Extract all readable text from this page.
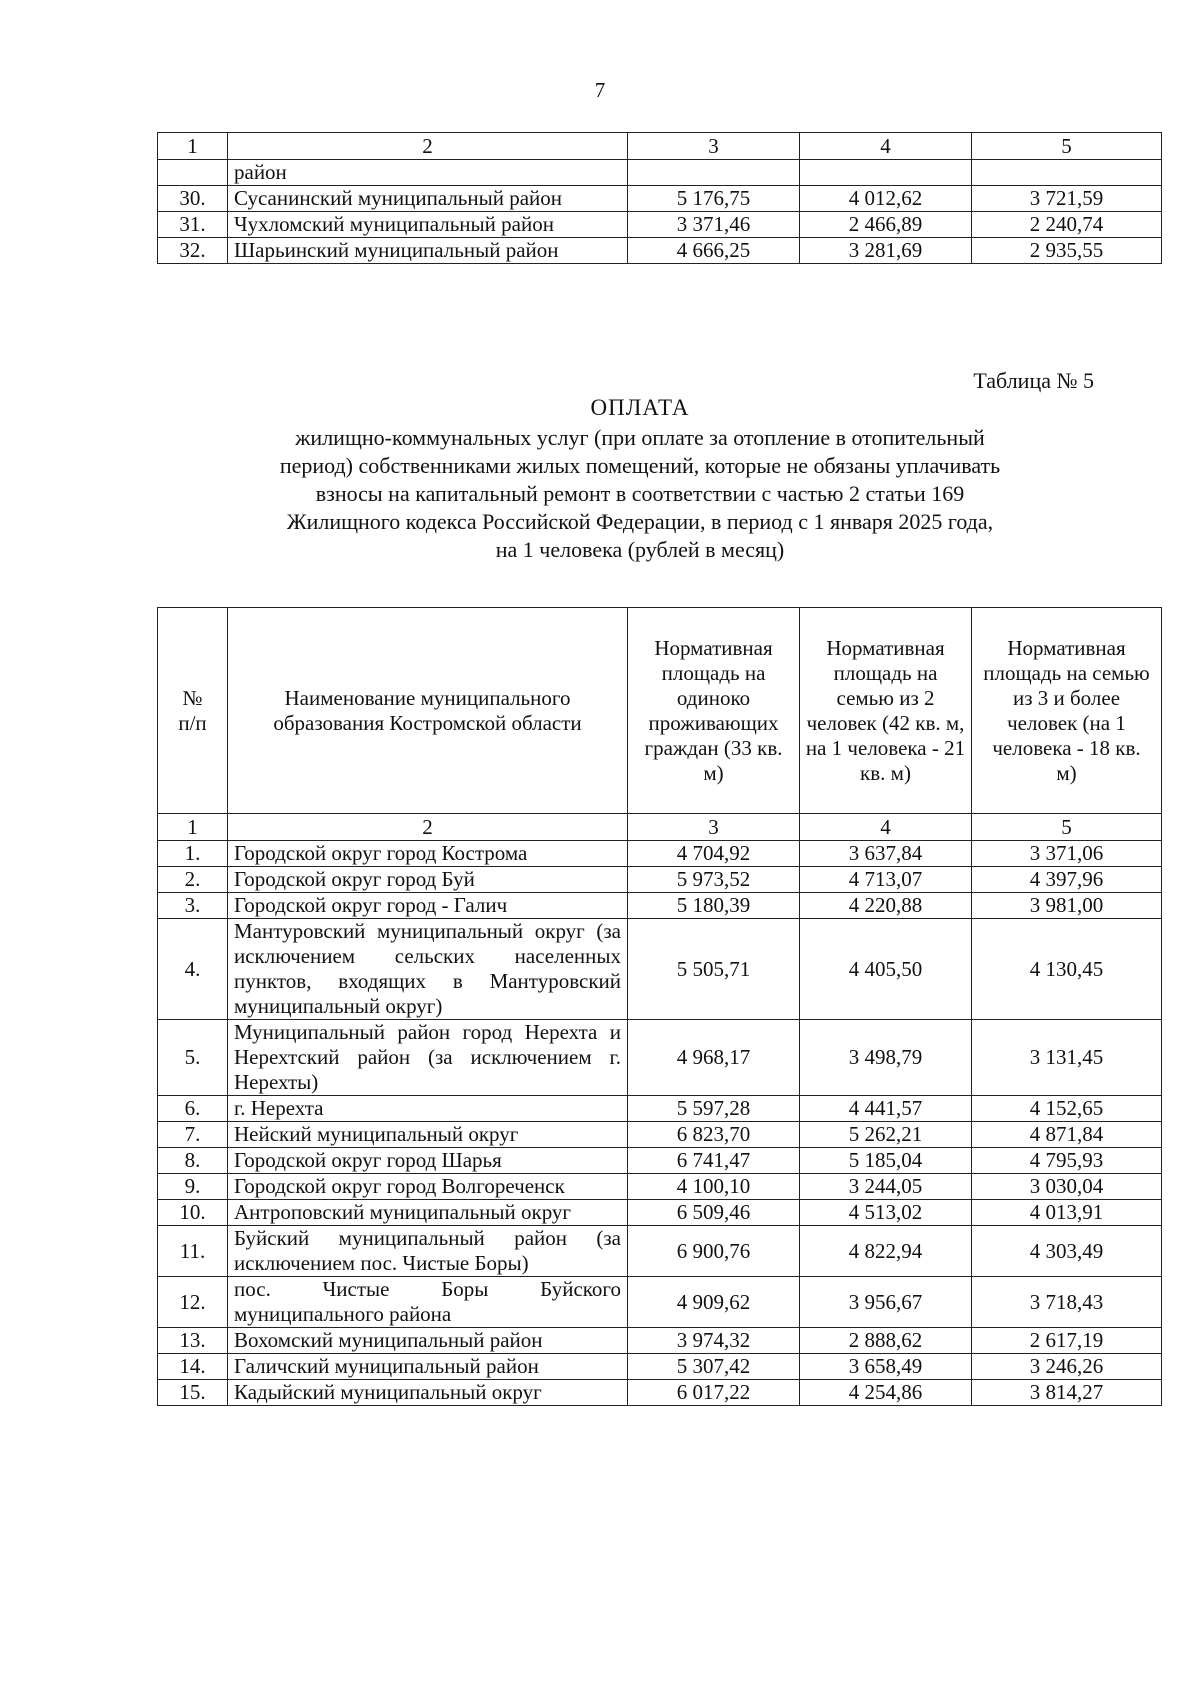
7
1	2	3	4	5
	район			
30.	Сусанинский муниципальный район	5 176,75	4 012,62	3 721,59
31.	Чухломский муниципальный район	3 371,46	2 466,89	2 240,74
32.	Шарьинский муниципальный район	4 666,25	3 281,69	2 935,55
Таблица № 5
ОПЛАТА
жилищно-коммунальных услуг (при оплате за отопление в отопительный
период) собственниками жилых помещений, которые не обязаны уплачивать
взносы на капитальный ремонт в соответствии с частью 2 статьи 169
Жилищного кодекса Российской Федерации, в период с 1 января 2025 года,
на 1 человека (рублей в месяц)
№ п/п	Наименование муниципального образования Костромской области	Нормативная площадь на одиноко проживающих граждан (33 кв. м)	Нормативная площадь на семью из 2 человек (42 кв. м, на 1 человека - 21 кв. м)	Нормативная площадь на семью из 3 и более человек (на 1 человека - 18 кв. м)
1	2	3	4	5
1.	Городской округ город Кострома	4 704,92	3 637,84	3 371,06
2.	Городской округ город Буй	5 973,52	4 713,07	4 397,96
3.	Городской округ город - Галич	5 180,39	4 220,88	3 981,00
4.	Мантуровский муниципальный округ (за исключением сельских населенных пунктов, входящих в Мантуровский муниципальный округ)	5 505,71	4 405,50	4 130,45
5.	Муниципальный район город Нерехта и Нерехтский район (за исключением г. Нерехты)	4 968,17	3 498,79	3 131,45
6.	г. Нерехта	5 597,28	4 441,57	4 152,65
7.	Нейский муниципальный округ	6 823,70	5 262,21	4 871,84
8.	Городской округ город Шарья	6 741,47	5 185,04	4 795,93
9.	Городской округ город Волгореченск	4 100,10	3 244,05	3 030,04
10.	Антроповский муниципальный округ	6 509,46	4 513,02	4 013,91
11.	Буйский муниципальный район (за исключением пос. Чистые Боры)	6 900,76	4 822,94	4 303,49
12.	пос. Чистые Боры Буйского муниципального района	4 909,62	3 956,67	3 718,43
13.	Вохомский муниципальный район	3 974,32	2 888,62	2 617,19
14.	Галичский муниципальный район	5 307,42	3 658,49	3 246,26
15.	Кадыйский муниципальный округ	6 017,22	4 254,86	3 814,27
